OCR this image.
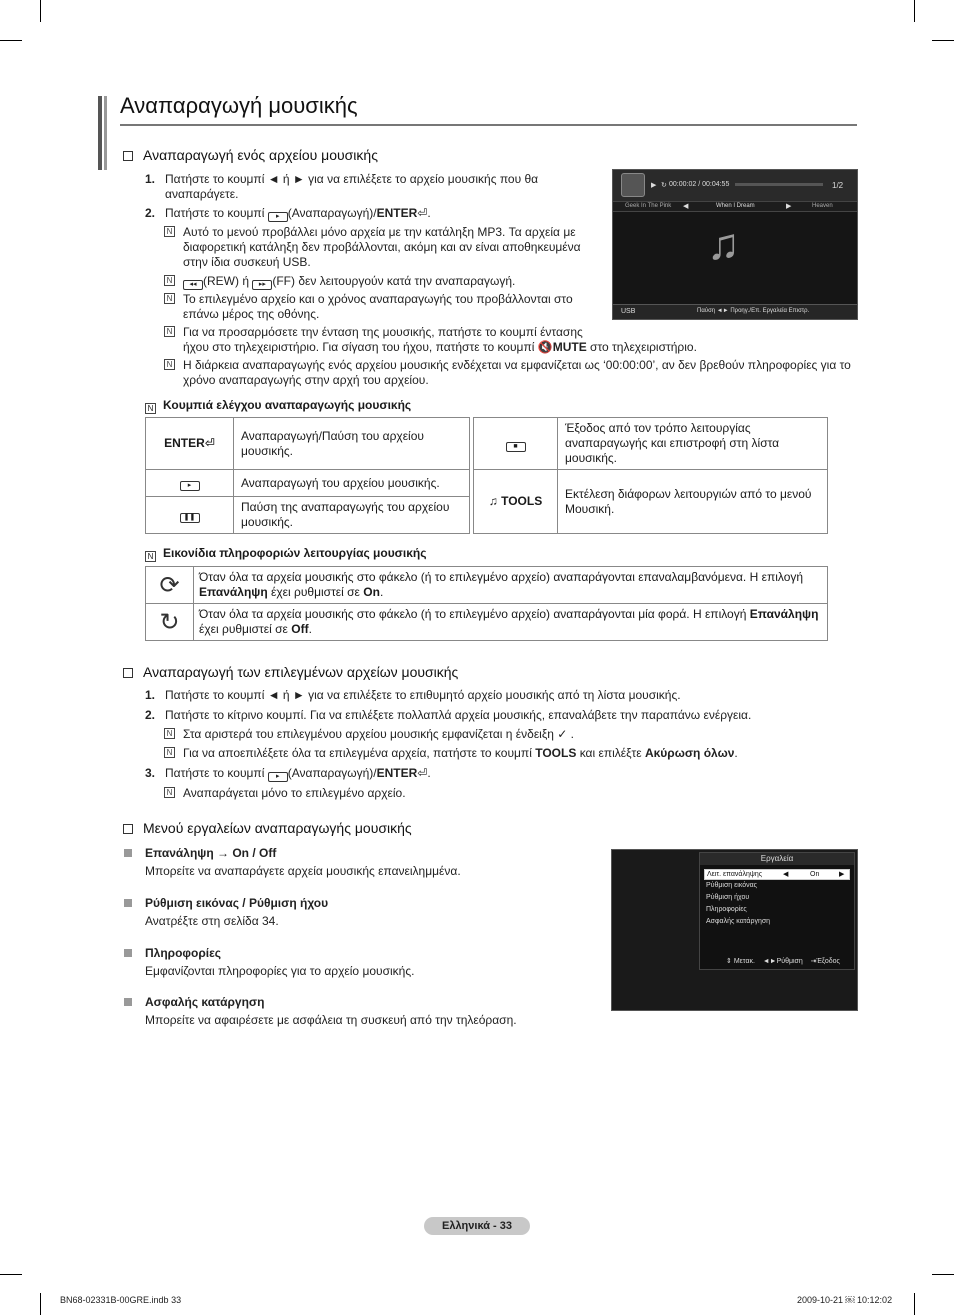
Αναπαραγωγή μουσικής
Αναπαραγωγή ενός αρχείου μουσικής
1. Πατήστε το κουμπί ◄ ή ► για να επιλέξετε το αρχείο μουσικής που θα
αναπαράγετε.
2. Πατήστε το κουμπί ▸ (Αναπαραγωγή)/ENTER⏎.
N Αυτό το μενού προβάλλει μόνο αρχεία με την κατάληξη MP3. Τα αρχεία με διαφορετική κατάληξη δεν προβάλλονται, ακόμη και αν είναι αποθηκευμένα στην ίδια συσκευή USB.
N	◂◂ (REW) ή ▸▸ (FF) δεν λειτουργούν κατά την αναπαραγωγή.
N Το επιλεγμένο αρχείο και ο χρόνος αναπαραγωγής του προβάλλονται στο επάνω μέρος της οθόνης.
N Για να προσαρμόσετε την ένταση της μουσικής, πατήστε το κουμπί έντασης
ήχου στο τηλεχειριστήριο. Για σίγαση του ήχου, πατήστε το κουμπί 🔇MUTE στο τηλεχειριστήριο.
N Η διάρκεια αναπαραγωγής ενός αρχείου μουσικής ενδέχεται να εμφανίζεται ως ‘00:00:00’, αν δεν βρεθούν πληροφορίες για το χρόνο αναπαραγωγής στην αρχή του αρχείου.
▶ ↻ 00:00:02 / 00:04:55	1/2
Geek In The Pink ◀	When I Dream	▶	Heaven
♫
USB	Παύση ◄► Προηγ./Επ. Εργαλεία Επιστρ.
N Κουμπιά ελέγχου αναπαραγωγής μουσικής
ENTER⏎	Αναπαραγωγή/Παύση του αρχείου μουσικής.		■	Έξοδος από τον τρόπο λειτουργίας αναπαραγωγής και επιστροφή στη λίστα μουσικής.
▸	Αναπαραγωγή του αρχείου μουσικής.		♫ TOOLS	Εκτέλεση διάφορων λειτουργιών από το μενού Μουσική.
❚❚	Παύση της αναπαραγωγής του αρχείου μουσικής.			
N Εικονίδια πληροφοριών λειτουργίας μουσικής
⟳	Όταν όλα τα αρχεία μουσικής στο φάκελο (ή το επιλεγμένο αρχείο) αναπαράγονται επαναλαμβανόμενα. Η επιλογή Επανάληψη έχει ρυθμιστεί σε On.
↻	Όταν όλα τα αρχεία μουσικής στο φάκελο (ή το επιλεγμένο αρχείο) αναπαράγονται μία φορά. Η επιλογή Επανάληψη έχει ρυθμιστεί σε Off.
Αναπαραγωγή των επιλεγμένων αρχείων μουσικής
1. Πατήστε το κουμπί ◄ ή ► για να επιλέξετε το επιθυμητό αρχείο μουσικής από τη λίστα μουσικής.
2. Πατήστε το κίτρινο κουμπί. Για να επιλέξετε πολλαπλά αρχεία μουσικής, επαναλάβετε την παραπάνω ενέργεια.
N Στα αριστερά του επιλεγμένου αρχείου μουσικής εμφανίζεται η ένδειξη ✓ .
N Για να αποεπιλέξετε όλα τα επιλεγμένα αρχεία, πατήστε το κουμπί TOOLS και επιλέξτε Ακύρωση όλων.
3. Πατήστε το κουμπί ▸ (Αναπαραγωγή)/ENTER⏎.
N Αναπαράγεται μόνο το επιλεγμένο αρχείο.
Μενού εργαλείων αναπαραγωγής μουσικής
Επανάληψη → On / Off
Μπορείτε να αναπαράγετε αρχεία μουσικής επανειλημμένα.
Ρύθμιση εικόνας / Ρύθμιση ήχου
Ανατρέξτε στη σελίδα 34.
Πληροφορίες
Εμφανίζονται πληροφορίες για το αρχείο μουσικής.
Ασφαλής κατάργηση
Μπορείτε να αφαιρέσετε με ασφάλεια τη συσκευή από την τηλεόραση.
Εργαλεία
Λειτ. επανάληψης	◀	On	▶
Ρύθμιση εικόνας
Ρύθμιση ήχου
Πληροφορίες
Ασφαλής κατάργηση
⇕ Μετακ. ◄►Ρύθμιση ⇥Έξοδος
Ελληνικά - 33
BN68-02331B-00GRE.indb 33	2009-10-21 ￼ 10:12:02
